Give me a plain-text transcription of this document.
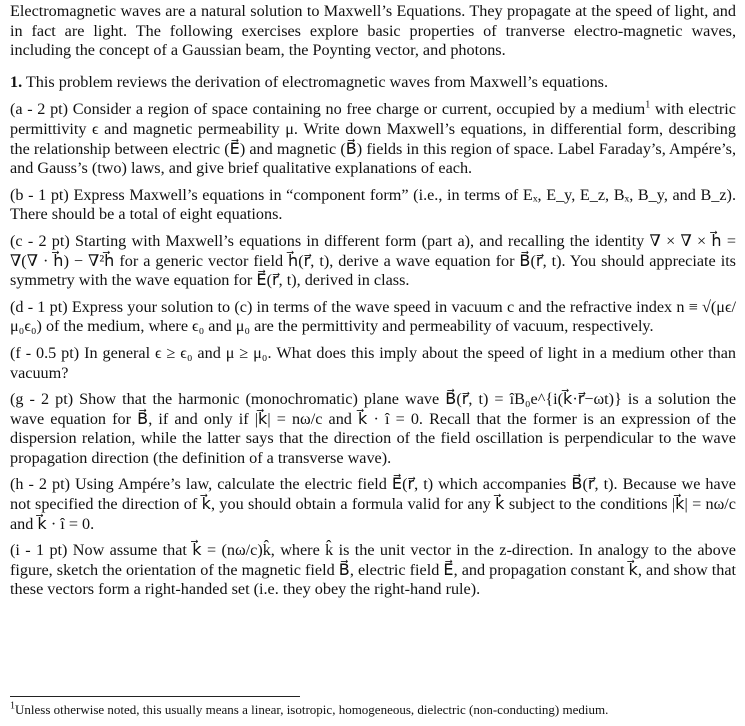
Electromagnetic waves are a natural solution to Maxwell’s Equations. They propagate at the speed of light, and in fact are light. The following exercises explore basic properties of tranverse electro-magnetic waves, including the concept of a Gaussian beam, the Poynting vector, and photons.

1. This problem reviews the derivation of electromagnetic waves from Maxwell’s equations.

(a - 2 pt) Consider a region of space containing no free charge or current, occupied by a medium$^1$ with electric permittivity ϵ and magnetic permeability μ. Write down Maxwell’s equations, in differential form, describing the relationship between electric (E⃗) and magnetic (B⃗) fields in this region of space. Label Faraday’s, Ampére’s, and Gauss’s (two) laws, and give brief qualitative explanations of each.

(b - 1 pt) Express Maxwell’s equations in “component form” (i.e., in terms of Eₓ, E_y, E_z, Bₓ, B_y, and B_z). There should be a total of eight equations.

(c - 2 pt) Starting with Maxwell’s equations in different form (part a), and recalling the identity ∇ × ∇ × h⃗ = ∇(∇ · h⃗) − ∇²h⃗ for a generic vector field h⃗(r⃗, t), derive a wave equation for B⃗(r⃗, t). You should appreciate its symmetry with the wave equation for E⃗(r⃗, t), derived in class.

(d - 1 pt) Express your solution to (c) in terms of the wave speed in vacuum c and the refractive index n ≡ √(μϵ/μ₀ϵ₀) of the medium, where ϵ₀ and μ₀ are the permittivity and permeability of vacuum, respectively.

(f - 0.5 pt) In general ϵ ≥ ϵ₀ and μ ≥ μ₀. What does this imply about the speed of light in a medium other than vacuum?

(g - 2 pt) Show that the harmonic (monochromatic) plane wave B⃗(r⃗, t) = îB₀e^{i(k⃗·r⃗−ωt)} is a solution the wave equation for B⃗, if and only if |k⃗| = nω/c and k⃗ · î = 0. Recall that the former is an expression of the dispersion relation, while the latter says that the direction of the field oscillation is perpendicular to the wave propagation direction (the definition of a transverse wave).

(h - 2 pt) Using Ampére’s law, calculate the electric field E⃗(r⃗, t) which accompanies B⃗(r⃗, t). Because we have not specified the direction of k⃗, you should obtain a formula valid for any k⃗ subject to the conditions |k⃗| = nω/c and k⃗ · î = 0.

(i - 1 pt) Now assume that k⃗ = (nω/c)k̂, where k̂ is the unit vector in the z-direction. In analogy to the above figure, sketch the orientation of the magnetic field B⃗, electric field E⃗, and propagation constant k⃗, and show that these vectors form a right-handed set (i.e. they obey the right-hand rule).

$^1$Unless otherwise noted, this usually means a linear, isotropic, homogeneous, dielectric (non-conducting) medium.
